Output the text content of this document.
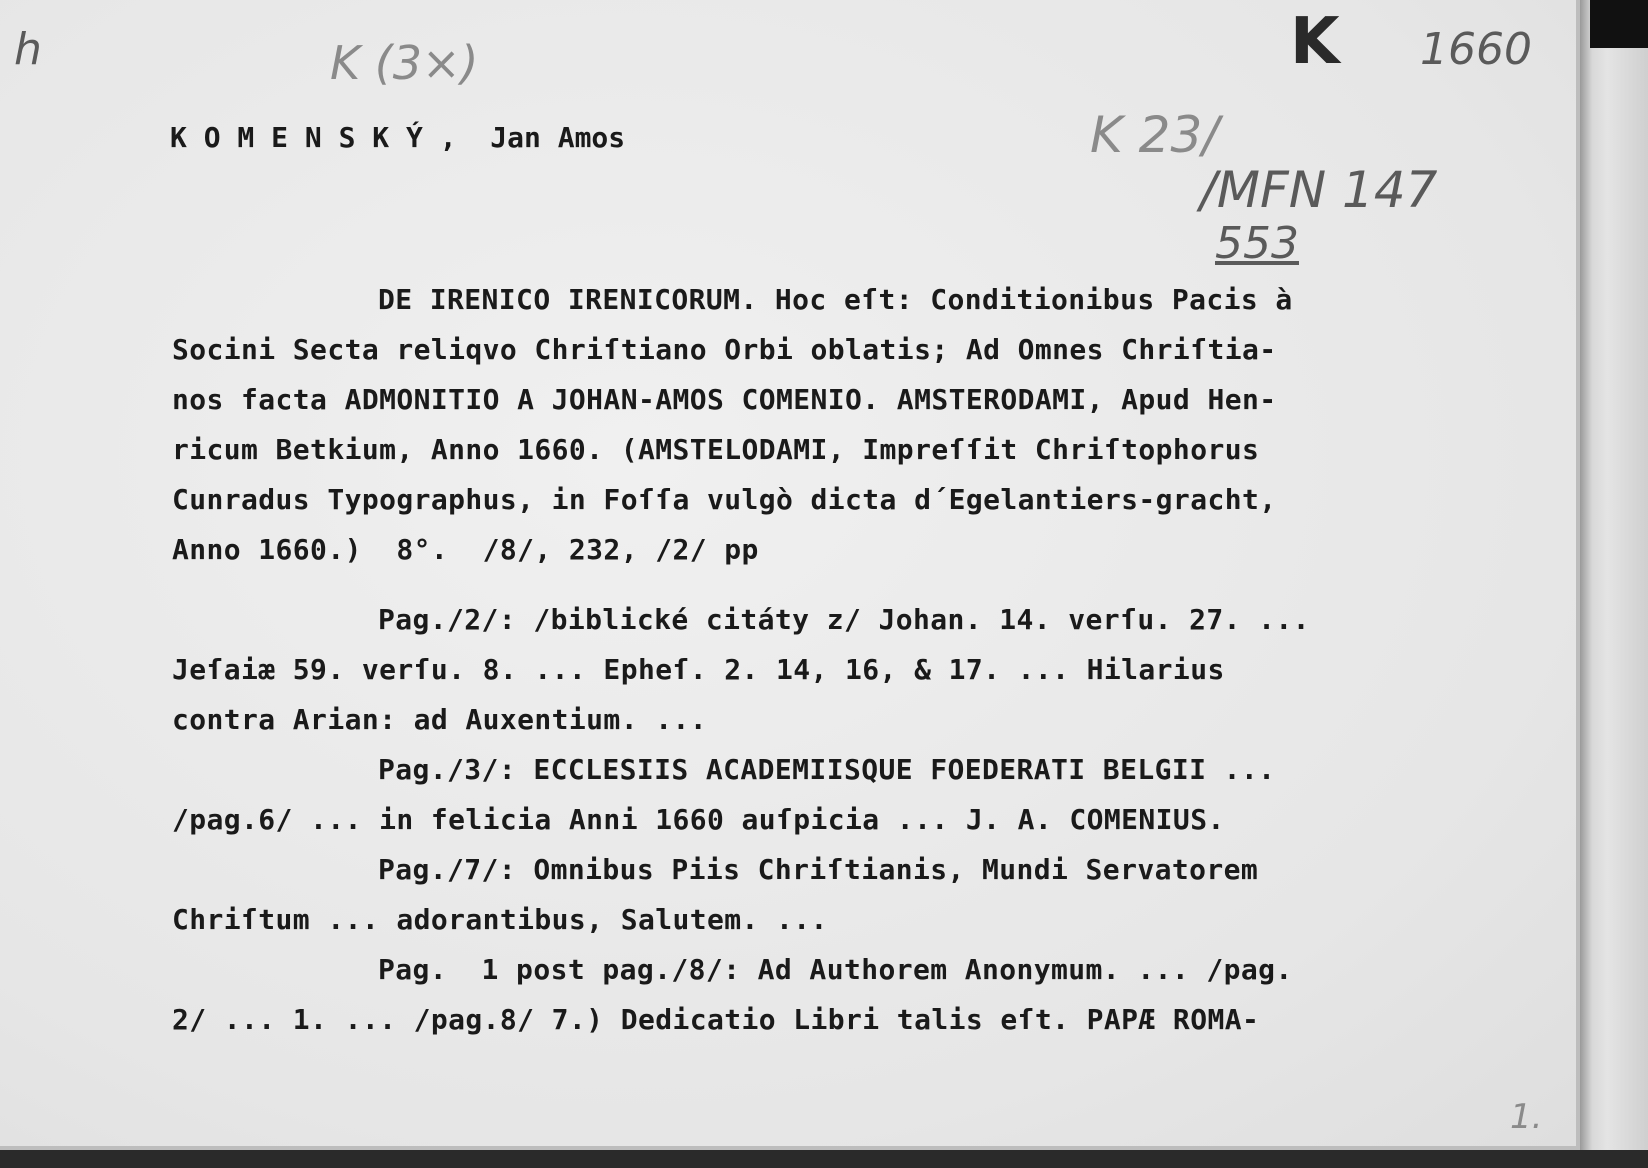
h	K (3×)	K 1660
K O M E N S K Ý ,  Jan Amos	K 23/
/MFN 147
553
DE IRENICO IRENICORUM. Hoc eſt: Conditionibus Pacis à
Socini Secta reliqvo Chriſtiano Orbi oblatis; Ad Omnes Chriſtia-
nos facta ADMONITIO A JOHAN-AMOS COMENIO. AMSTERODAMI, Apud Hen-
ricum Betkium, Anno 1660. (AMSTELODAMI, Impreſſit Chriſtophorus
Cunradus Typographus, in Foſſa vulgò dicta d´Egelantiers-gracht,
Anno 1660.)  8°.  /8/, 232, /2/ pp
Pag./2/: /biblické citáty z/ Johan. 14. verſu. 27. ...
Jeſaiæ 59. verſu. 8. ... Epheſ. 2. 14, 16, & 17. ... Hilarius
contra Arian: ad Auxentium. ...
Pag./3/: ECCLESIIS ACADEMIISQUE FOEDERATI BELGII ...
/pag.6/ ... in felicia Anni 1660 auſpicia ... J. A. COMENIUS.
Pag./7/: Omnibus Piis Chriſtianis, Mundi Servatorem
Chriſtum ... adorantibus, Salutem. ...
Pag.  1 post pag./8/: Ad Authorem Anonymum. ... /pag.
2/ ... 1. ... /pag.8/ 7.) Dedicatio Libri talis eſt. PAPÆ ROMA-
1.
